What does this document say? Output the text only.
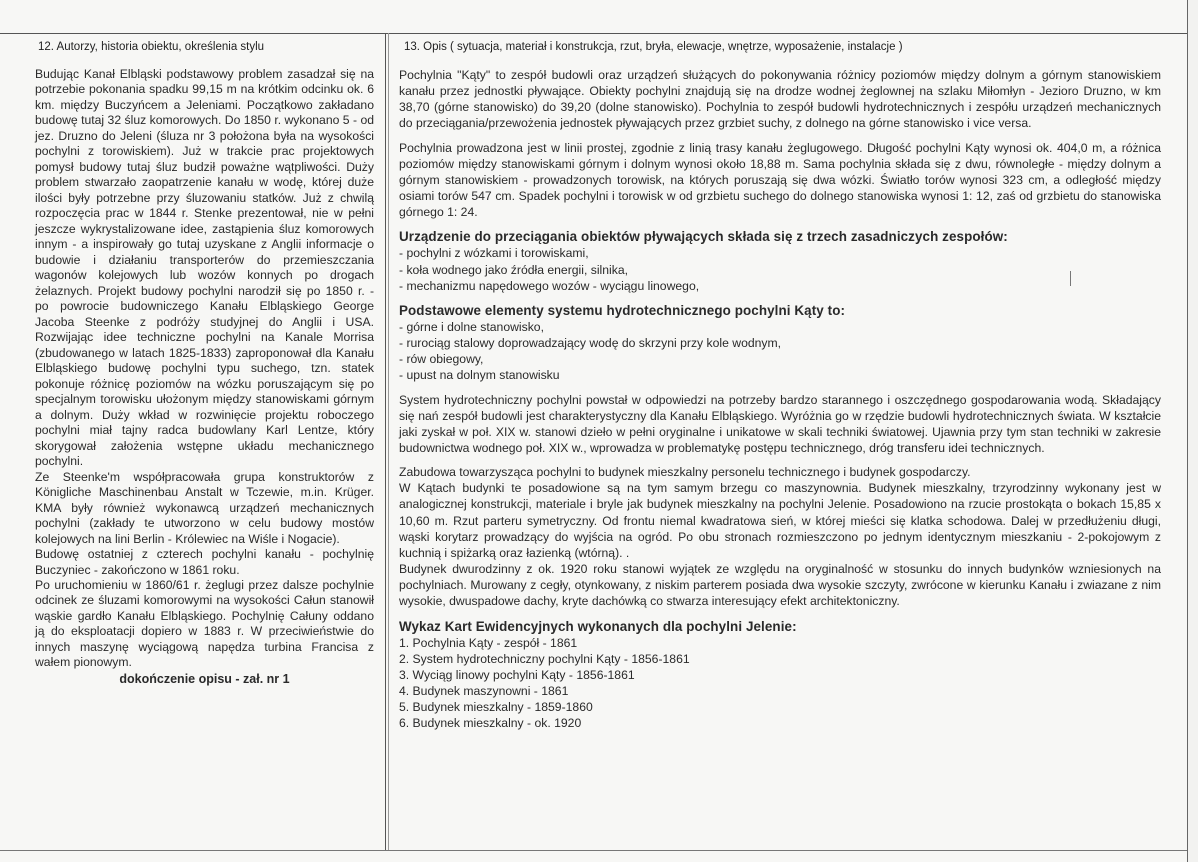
12. Autorzy, historia obiektu, określenia stylu	13. Opis ( sytuacja, materiał i konstrukcja, rzut, bryła, elewacje, wnętrze, wyposażenie, instalacje )

Budując Kanał Elbląski podstawowy problem zasadzał się na potrzebie pokonania spadku 99,15 m na krótkim odcinku ok. 6 km. między Buczyńcem a Jeleniami. Początkowo zakładano budowę tutaj 32 śluz komorowych. Do 1850 r. wykonano 5 - od jez. Druzno do Jeleni (śluza nr 3 położona była na wysokości pochylni z torowiskiem). Już w trakcie prac projektowych pomysł budowy tutaj śluz budził poważne wątpliwości. Duży problem stwarzało zaopatrzenie kanału w wodę, której duże ilości były potrzebne przy śluzowaniu statków. Już z chwilą rozpoczęcia prac w 1844 r. Stenke prezentował, nie w pełni jeszcze wykrystalizowane idee, zastąpienia śluz komorowych innym - a inspirowały go tutaj uzyskane z Anglii informacje o budowie i działaniu transporterów do przemieszczania wagonów kolejowych lub wozów konnych po drogach żelaznych. Projekt budowy pochylni narodził się po 1850 r. - po powrocie budowniczego Kanału Elbląskiego George Jacoba Steenke z podróży studyjnej do Anglii i USA. Rozwijając idee techniczne pochylni na Kanale Morrisa (zbudowanego w latach 1825-1833) zaproponował dla Kanału Elbląskiego budowę pochylni typu suchego, tzn. statek pokonuje różnicę poziomów na wózku poruszającym się po specjalnym torowisku ułożonym między stanowiskami górnym a dolnym. Duży wkład w rozwinięcie projektu roboczego pochylni miał tajny radca budowlany Karl Lentze, który skorygował założenia wstępne układu mechanicznego pochylni.

Ze Steenke'm współpracowała grupa konstruktorów z Königliche Maschinenbau Anstalt w Tczewie, m.in. Krüger. KMA były również wykonawcą urządzeń mechanicznych pochylni (zakłady te utworzono w celu budowy mostów kolejowych na lini Berlin - Królewiec na Wiśle i Nogacie).

Budowę ostatniej z czterech pochylni kanału - pochylnię Buczyniec - zakończono w 1861 roku.

Po uruchomieniu w 1860/61 r. żeglugi przez dalsze pochylnie odcinek ze śluzami komorowymi na wysokości Całun stanowił wąskie gardło Kanału Elbląskiego. Pochylnię Całuny oddano ją do eksploatacji dopiero w 1883 r. W przeciwieństwie do innych maszynę wyciągową napędza turbina Francisa z wałem pionowym.

dokończenie opisu - zał. nr 1

Pochylnia "Kąty" to zespół budowli oraz urządzeń służących do pokonywania różnicy poziomów między dolnym a górnym stanowiskiem kanału przez jednostki pływające. Obiekty pochylni znajdują się na drodze wodnej żeglownej na szlaku Miłomłyn - Jezioro Druzno, w km 38,70 (górne stanowisko) do 39,20 (dolne stanowisko). Pochylnia to zespół budowli hydrotechnicznych i zespółu urządzeń mechanicznych do przeciągania/przewożenia jednostek pływających przez grzbiet suchy, z dolnego na górne stanowisko i vice versa.

Pochylnia prowadzona jest w linii prostej, zgodnie z linią trasy kanału żeglugowego. Długość pochylni Kąty wynosi ok. 404,0 m, a różnica poziomów między stanowiskami górnym i dolnym wynosi około 18,88 m. Sama pochylnia składa się z dwu, równoległe - między dolnym a górnym stanowiskiem - prowadzonych torowisk, na których poruszają się dwa wózki. Światło torów wynosi 323 cm, a odległość między osiami torów 547 cm. Spadek pochylni i torowisk w od grzbietu suchego do dolnego stanowiska wynosi 1: 12, zaś od grzbietu do stanowiska górnego 1: 24.

Urządzenie do przeciągania obiektów pływających składa się z trzech zasadniczych zespołów:
- pochylni z wózkami i torowiskami,
- koła wodnego jako źródła energii, silnika,
- mechanizmu napędowego wozów - wyciągu linowego,
Podstawowe elementy systemu hydrotechnicznego pochylni Kąty to:
- górne i dolne stanowisko,
- rurociąg stalowy doprowadzający wodę do skrzyni przy kole wodnym,
- rów obiegowy,
- upust na dolnym stanowisku

System hydrotechniczny pochylni powstał w odpowiedzi na potrzeby bardzo starannego i oszczędnego gospodarowania wodą. Składający się nań zespół budowli jest charakterystyczny dla Kanału Elbląskiego. Wyróżnia go w rzędzie budowli hydrotechnicznych świata. W kształcie jaki zyskał w poł. XIX w. stanowi dzieło w pełni oryginalne i unikatowe w skali techniki światowej. Ujawnia przy tym stan techniki w zakresie budownictwa wodnego poł. XIX w., wprowadza w problematykę postępu technicznego, dróg transferu idei technicznych.

Zabudowa towarzysząca pochylni to budynek mieszkalny personelu technicznego i budynek gospodarczy.

W Kątach budynki te posadowione są na tym samym brzegu co maszynownia. Budynek mieszkalny, trzyrodzinny wykonany jest w analogicznej konstrukcji, materiale i bryle jak budynek mieszkalny na pochylni Jelenie. Posadowiono na rzucie prostokąta o bokach 15,85 x 10,60 m. Rzut parteru symetryczny. Od frontu niemal kwadratowa sień, w której mieści się klatka schodowa. Dalej w przedłużeniu długi, wąski korytarz prowadzący do wyjścia na ogród. Po obu stronach rozmieszczono po jednym identycznym mieszkaniu - 2-pokojowym z kuchnią i spiżarką oraz łazienką (wtórną). .

Budynek dwurodzinny z ok. 1920 roku stanowi wyjątek ze względu na oryginalność w stosunku do innych budynków wzniesionych na pochylniach. Murowany z cegły, otynkowany, z niskim parterem posiada dwa wysokie szczyty, zwrócone w kierunku Kanału i zwiazane z nim wysokie, dwuspadowe dachy, kryte dachówką co stwarza interesujący efekt architektoniczny.

Wykaz Kart Ewidencyjnych wykonanych dla pochylni Jelenie:
1. Pochylnia Kąty - zespół - 1861
2. System hydrotechniczny pochylni Kąty - 1856-1861
3. Wyciąg linowy pochylni Kąty - 1856-1861
4. Budynek maszynowni - 1861
5. Budynek mieszkalny - 1859-1860
6. Budynek mieszkalny - ok. 1920
